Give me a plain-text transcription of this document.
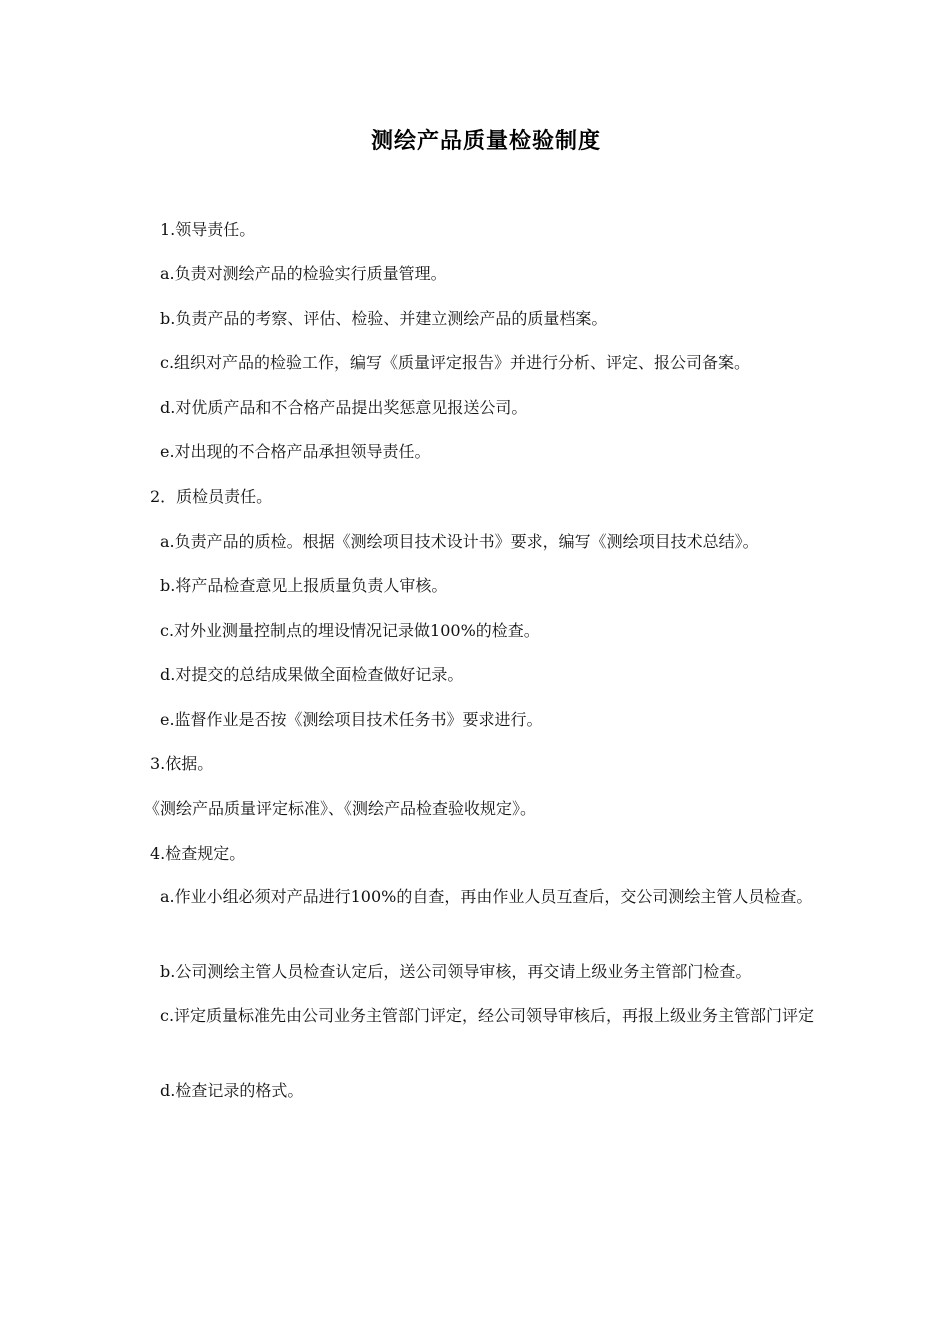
测绘产品质量检验制度

1.领导责任。

a.负责对测绘产品的检验实行质量管理。

b.负责产品的考察、评估、检验、并建立测绘产品的质量档案。

c.组织对产品的检验工作，编写《质量评定报告》并进行分析、评定、报公司备案。

d.对优质产品和不合格产品提出奖惩意见报送公司。

e.对出现的不合格产品承担领导责任。

2．质检员责任。

a.负责产品的质检。根据《测绘项目技术设计书》要求，编写《测绘项目技术总结》。

b.将产品检查意见上报质量负责人审核。

c.对外业测量控制点的埋设情况记录做100%的检查。

d.对提交的总结成果做全面检查做好记录。

e.监督作业是否按《测绘项目技术任务书》要求进行。

3.依据。

《测绘产品质量评定标准》、《测绘产品检查验收规定》。

4.检查规定。

a.作业小组必须对产品进行100%的自查，再由作业人员互查后，交公司测绘主管人员检查。

b.公司测绘主管人员检查认定后，送公司领导审核，再交请上级业务主管部门检查。

c.评定质量标准先由公司业务主管部门评定，经公司领导审核后，再报上级业务主管部门评定

d.检查记录的格式。
